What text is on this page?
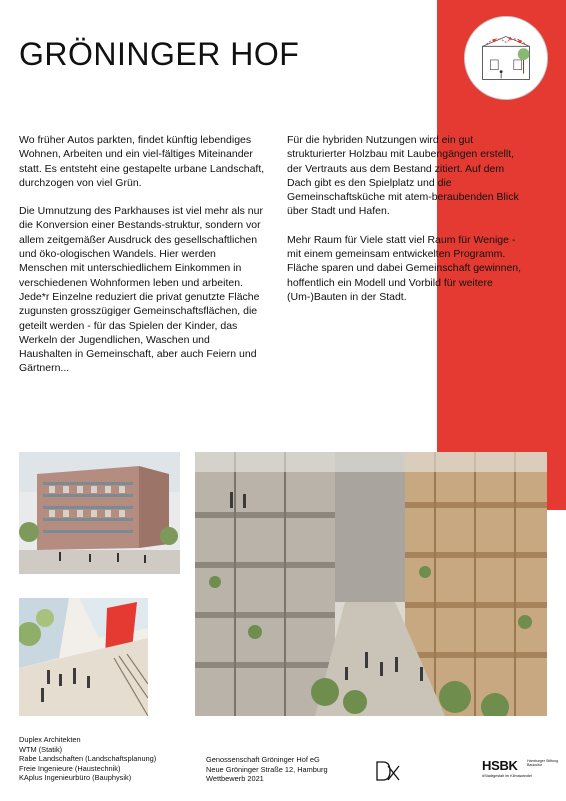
GRÖNINGER HOF

Wo früher Autos parkten, findet künftig lebendiges Wohnen, Arbeiten und ein viel-fältiges Miteinander statt. Es entsteht eine gestapelte urbane Landschaft, durchzogen von viel Grün.

Die Umnutzung des Parkhauses ist viel mehr als nur die Konversion einer Bestands-struktur, sondern vor allem zeitgemäßer Ausdruck des gesellschaftlichen und öko-ologischen Wandels. Hier werden Menschen mit unterschiedlichem Einkommen in verschiedenen Wohnformen leben und arbeiten. Jede*r Einzelne reduziert die privat genutzte Fläche zugunsten grosszügiger Gemeinschaftsflächen, die geteilt werden - für das Spielen der Kinder, das Werkeln der Jugendlichen, Waschen und Haushalten in Gemeinschaft, aber auch Feiern und Gärtnern...

Für die hybriden Nutzungen wird ein gut strukturierter Holzbau mit Laubengängen erstellt, der Vertrauts aus dem Bestand zitiert. Auf dem Dach gibt es den Spielplatz und die Gemeinschaftsküche mit atem-beraubenden Blick über Stadt und Hafen.

Mehr Raum für Viele statt viel Raum für Wenige - mit einem gemeinsam entwickelten Programm. Fläche sparen und dabei Gemeinschaft gewinnen, hoffentlich ein Modell und Vorbild für weitere (Um-)Bauten in der Stadt.

Duplex Architekten
WTM (Statik)
Rabe Landschaften (Landschaftsplanung)
Freie Ingenieure (Haustechnik)
KAplus Ingenieurbüro (Bauphysik)
Genossenschaft Gröninger Hof eG
Neue Gröninger Straße 12, Hamburg
Wettbewerb 2021
HSBK	Hamburger Stiftung Baukultur
#Stadtgestalt im Klimawandel
